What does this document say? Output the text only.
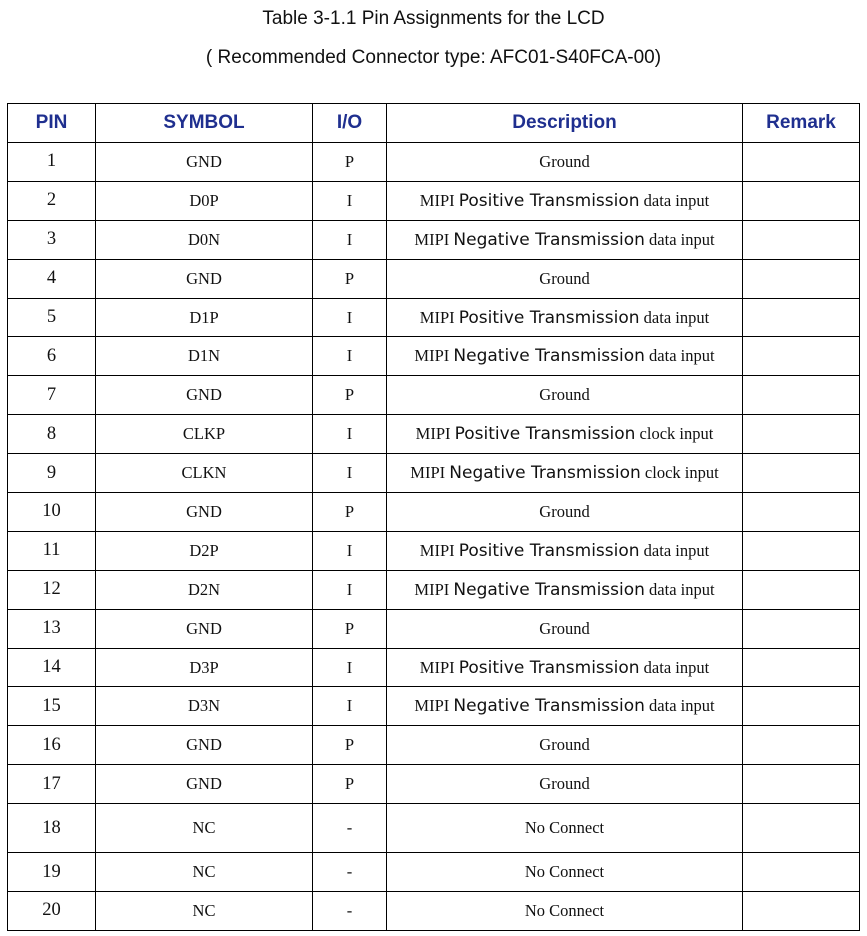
Table 3-1.1 Pin Assignments for the LCD
( Recommended Connector type: AFC01-S40FCA-00)
PIN	SYMBOL	I/O	Description	Remark
1	GND	P	Ground	
2	D0P	I	MIPI Positive Transmission data input	
3	D0N	I	MIPI Negative Transmission data input	
4	GND	P	Ground	
5	D1P	I	MIPI Positive Transmission data input	
6	D1N	I	MIPI Negative Transmission data input	
7	GND	P	Ground	
8	CLKP	I	MIPI Positive Transmission clock input	
9	CLKN	I	MIPI Negative Transmission clock input	
10	GND	P	Ground	
11	D2P	I	MIPI Positive Transmission data input	
12	D2N	I	MIPI Negative Transmission data input	
13	GND	P	Ground	
14	D3P	I	MIPI Positive Transmission data input	
15	D3N	I	MIPI Negative Transmission data input	
16	GND	P	Ground	
17	GND	P	Ground	
18	NC	-	No Connect	
19	NC	-	No Connect	
20	NC	-	No Connect	
